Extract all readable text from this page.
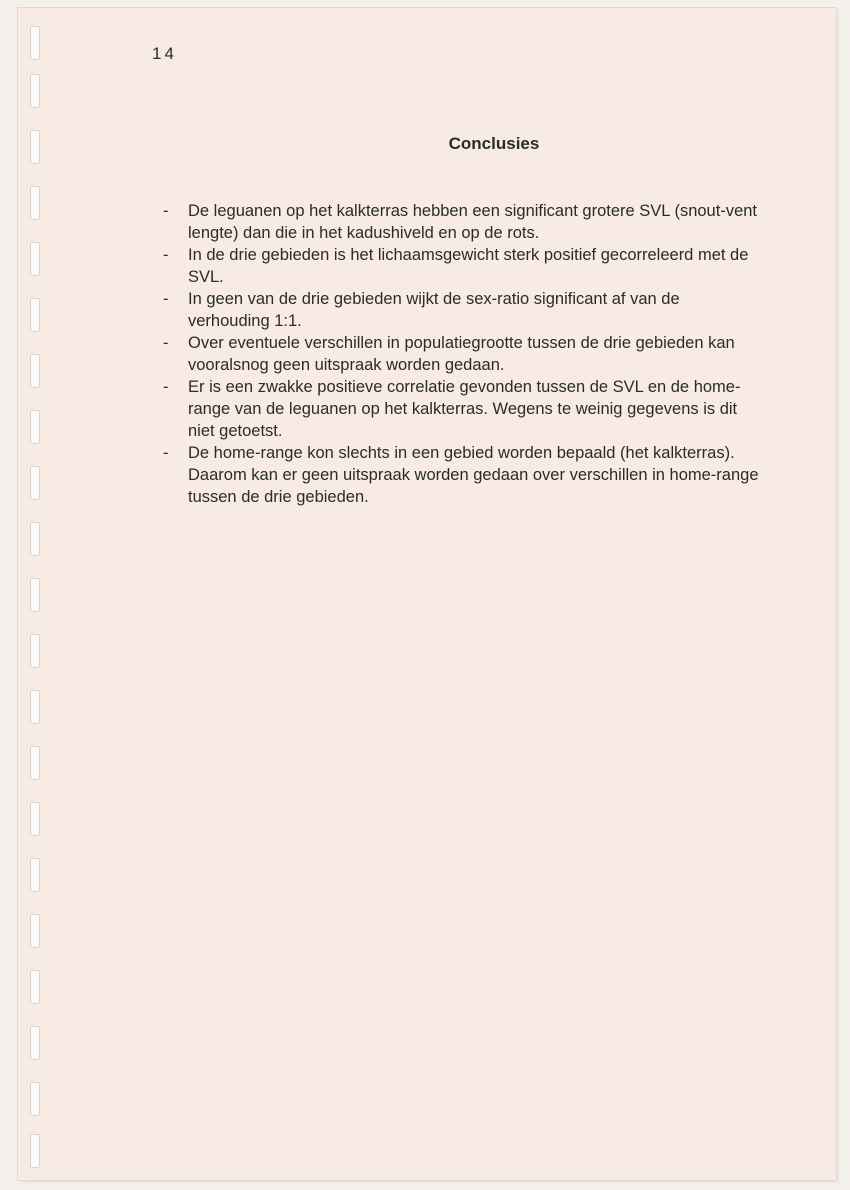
14
Conclusies
- De leguanen op het kalkterras hebben een significant grotere SVL (snout-vent lengte) dan die in het kadushiveld en op de rots.
- In de drie gebieden is het lichaamsgewicht sterk positief gecorreleerd met de SVL.
- In geen van de drie gebieden wijkt de sex-ratio significant af van de verhouding 1:1.
- Over eventuele verschillen in populatiegrootte tussen de drie gebieden kan vooralsnog geen uitspraak worden gedaan.
- Er is een zwakke positieve correlatie gevonden tussen de SVL en de home-range van de leguanen op het kalkterras. Wegens te weinig gegevens is dit niet getoetst.
- De home-range kon slechts in een gebied worden bepaald (het kalkterras). Daarom kan er geen uitspraak worden gedaan over verschillen in home-range tussen de drie gebieden.
